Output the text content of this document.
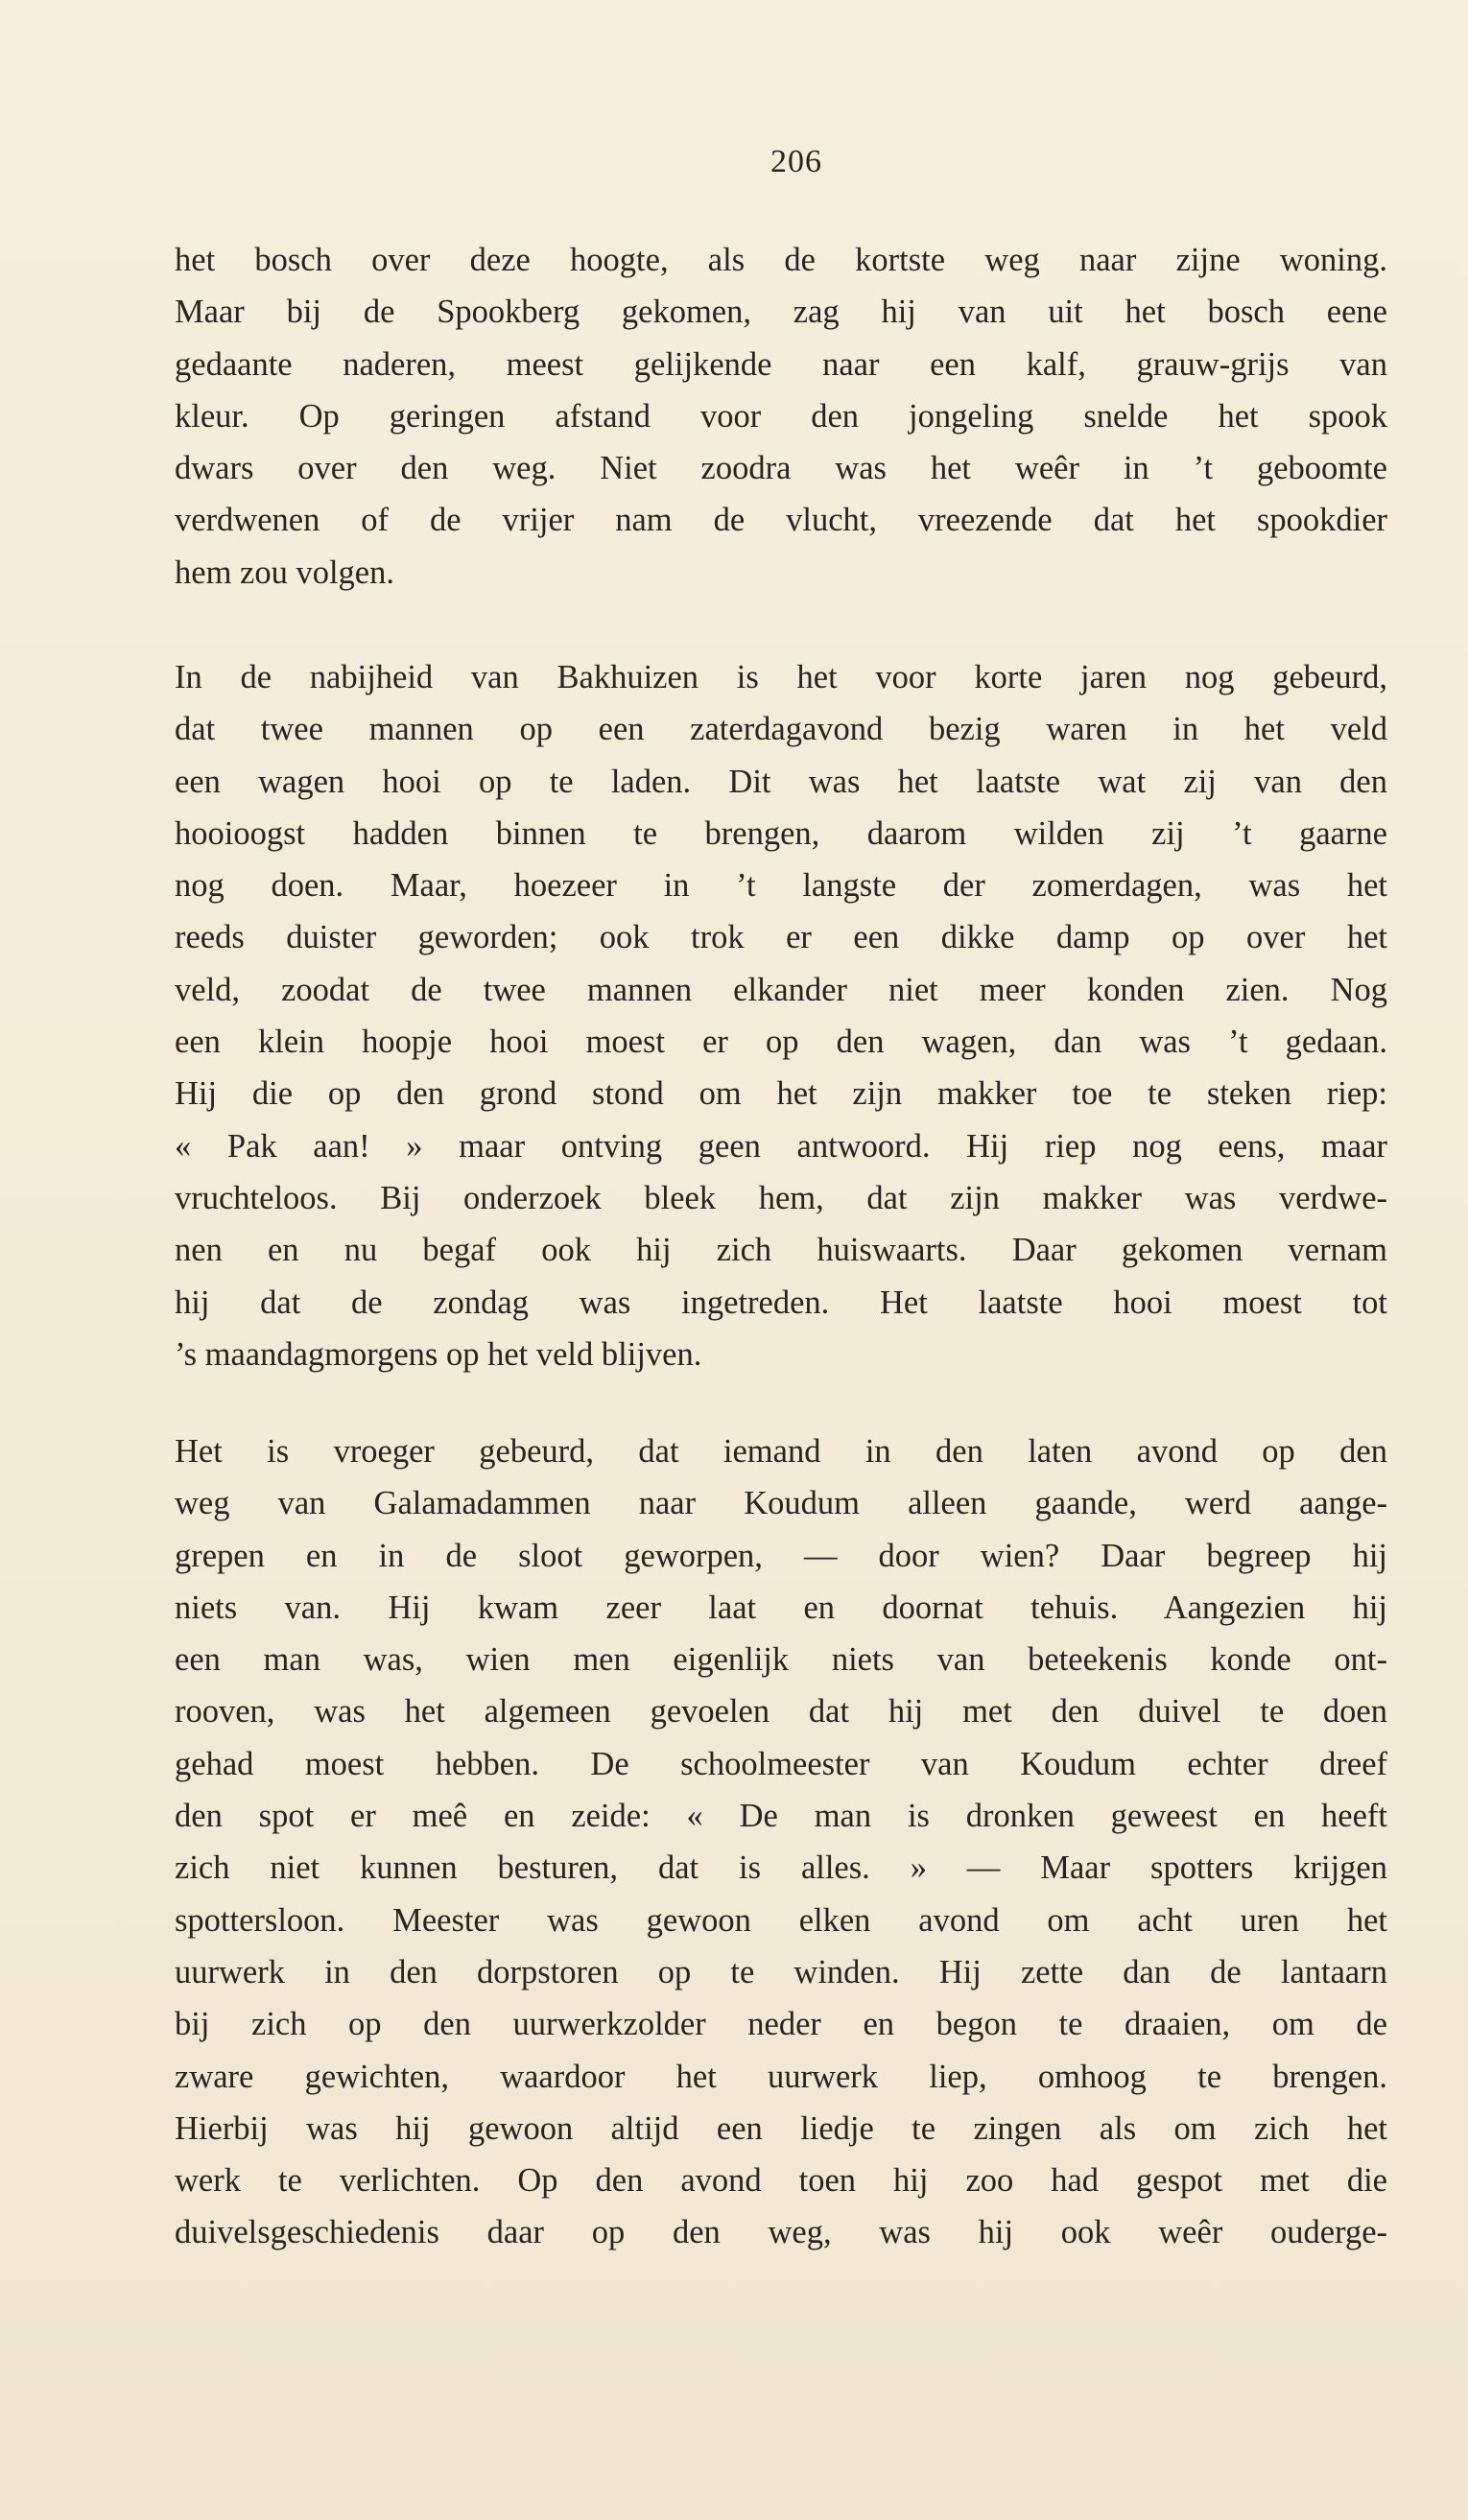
206
het bosch over deze hoogte, als de kortste weg naar zijne woning.
Maar bij de Spookberg gekomen, zag hij van uit het bosch eene
gedaante naderen, meest gelijkende naar een kalf, grauw-grijs van
kleur. Op geringen afstand voor den jongeling snelde het spook
dwars over den weg. Niet zoodra was het weêr in ’t geboomte
verdwenen of de vrijer nam de vlucht, vreezende dat het spookdier
hem zou volgen.
In de nabijheid van Bakhuizen is het voor korte jaren nog gebeurd,
dat twee mannen op een zaterdagavond bezig waren in het veld
een wagen hooi op te laden. Dit was het laatste wat zij van den
hooioogst hadden binnen te brengen, daarom wilden zij ’t gaarne
nog doen. Maar, hoezeer in ’t langste der zomerdagen, was het
reeds duister geworden; ook trok er een dikke damp op over het
veld, zoodat de twee mannen elkander niet meer konden zien. Nog
een klein hoopje hooi moest er op den wagen, dan was ’t gedaan.
Hij die op den grond stond om het zijn makker toe te steken riep:
« Pak aan! » maar ontving geen antwoord. Hij riep nog eens, maar
vruchteloos. Bij onderzoek bleek hem, dat zijn makker was verdwe-
nen en nu begaf ook hij zich huiswaarts. Daar gekomen vernam
hij dat de zondag was ingetreden. Het laatste hooi moest tot
’s maandagmorgens op het veld blijven.
Het is vroeger gebeurd, dat iemand in den laten avond op den
weg van Galamadammen naar Koudum alleen gaande, werd aange-
grepen en in de sloot geworpen, — door wien? Daar begreep hij
niets van. Hij kwam zeer laat en doornat tehuis. Aangezien hij
een man was, wien men eigenlijk niets van beteekenis konde ont-
rooven, was het algemeen gevoelen dat hij met den duivel te doen
gehad moest hebben. De schoolmeester van Koudum echter dreef
den spot er meê en zeide: « De man is dronken geweest en heeft
zich niet kunnen besturen, dat is alles. » — Maar spotters krijgen
spottersloon. Meester was gewoon elken avond om acht uren het
uurwerk in den dorpstoren op te winden. Hij zette dan de lantaarn
bij zich op den uurwerkzolder neder en begon te draaien, om de
zware gewichten, waardoor het uurwerk liep, omhoog te brengen.
Hierbij was hij gewoon altijd een liedje te zingen als om zich het
werk te verlichten. Op den avond toen hij zoo had gespot met die
duivelsgeschiedenis daar op den weg, was hij ook weêr ouderge-
